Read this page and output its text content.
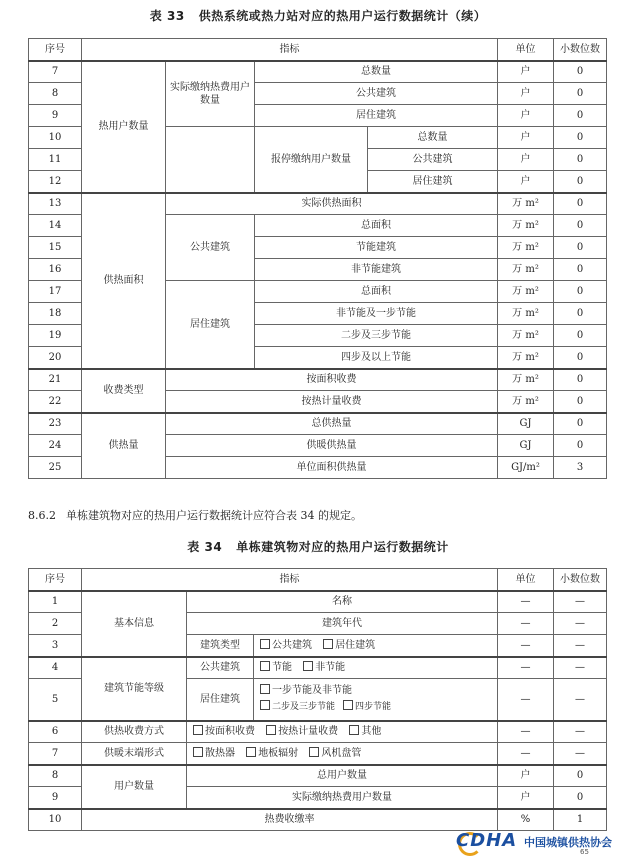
表 33 供热系统或热力站对应的热用户运行数据统计（续）
序号	指标				单位	小数位数
7	热用户数量	实际缴纳热费用户数量	总数量		户	0
8			公共建筑		户	0
9			居住建筑		户	0
10			报停缴纳用户数量	总数量	户	0
11				公共建筑	户	0
12				居住建筑	户	0
13	供热面积	实际供热面积			万 m²	0
14		公共建筑	总面积		万 m²	0
15			节能建筑		万 m²	0
16			非节能建筑		万 m²	0
17		居住建筑	总面积		万 m²	0
18			非节能及一步节能		万 m²	0
19			二步及三步节能		万 m²	0
20			四步及以上节能		万 m²	0
21	收费类型	按面积收费			万 m²	0
22		按热计量收费			万 m²	0
23	供热量	总供热量			GJ	0
24		供暖供热量			GJ	0
25		单位面积供热量			GJ/m²	3
8.6.2 单栋建筑物对应的热用户运行数据统计应符合表 34 的规定。
表 34 单栋建筑物对应的热用户运行数据统计
序号	指标			单位	小数位数
1	基本信息	名称		—	—
2		建筑年代		—	—
3		建筑类型	公共建筑 居住建筑	—	—
4	建筑节能等级	公共建筑	节能 非节能	—	—
5		居住建筑	一步节能及非节能
二步及三步节能 四步节能	—	—
6	供热收费方式	按面积收费 按热计量收费 其他		—	—
7	供暖末端形式	散热器 地板辐射 风机盘管		—	—
8	用户数量	总用户数量		户	0
9		实际缴纳热费用户数量		户	0
10	热费收缴率			%	1
CDHA 中国城镇供热协会
65
